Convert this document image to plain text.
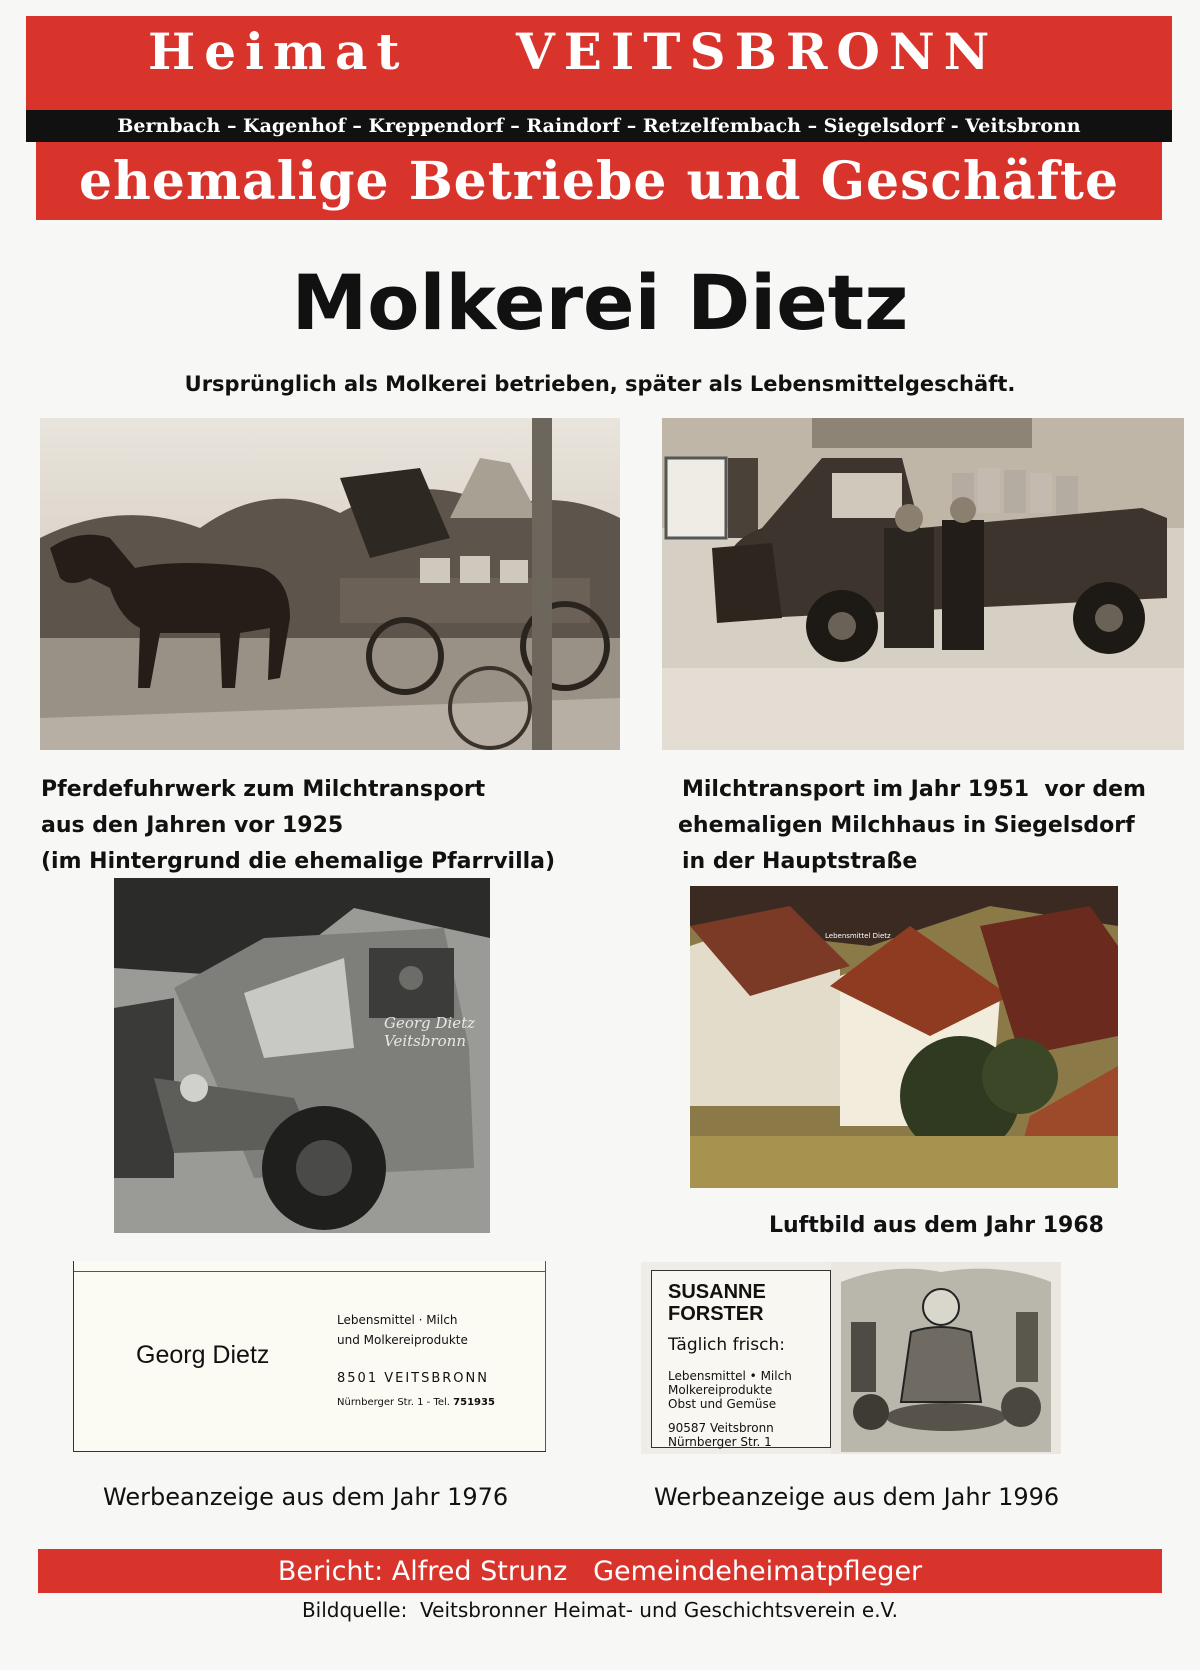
Heimat VEITSBRONN
Bernbach – Kagenhof – Kreppendorf – Raindorf – Retzelfembach – Siegelsdorf - Veitsbronn
ehemalige Betriebe und Geschäfte
Molkerei Dietz
Ursprünglich als Molkerei betrieben, später als Lebensmittelgeschäft.
Pferdefuhrwerk zum Milchtransport
aus den Jahren vor 1925
(im Hintergrund die ehemalige Pfarrvilla)
Milchtransport im Jahr 1951  vor dem
ehemaligen Milchhaus in Siegelsdorf
in der Hauptstraße
Georg Dietz
Veitsbronn
Lebensmittel Dietz
Luftbild aus dem Jahr 1968
Georg Dietz
Lebensmittel · Milch
und Molkereiprodukte
8501 VEITSBRONN
Nürnberger Str. 1 - Tel. 751935
Werbeanzeige aus dem Jahr 1976
SUSANNE
FORSTER
Täglich frisch:
Lebensmittel • Milch
Molkereiprodukte
Obst und Gemüse
90587 Veitsbronn
Nürnberger Str. 1
Werbeanzeige aus dem Jahr 1996
Bericht: Alfred Strunz   Gemeindeheimatpfleger
Bildquelle:  Veitsbronner Heimat- und Geschichtsverein e.V.
